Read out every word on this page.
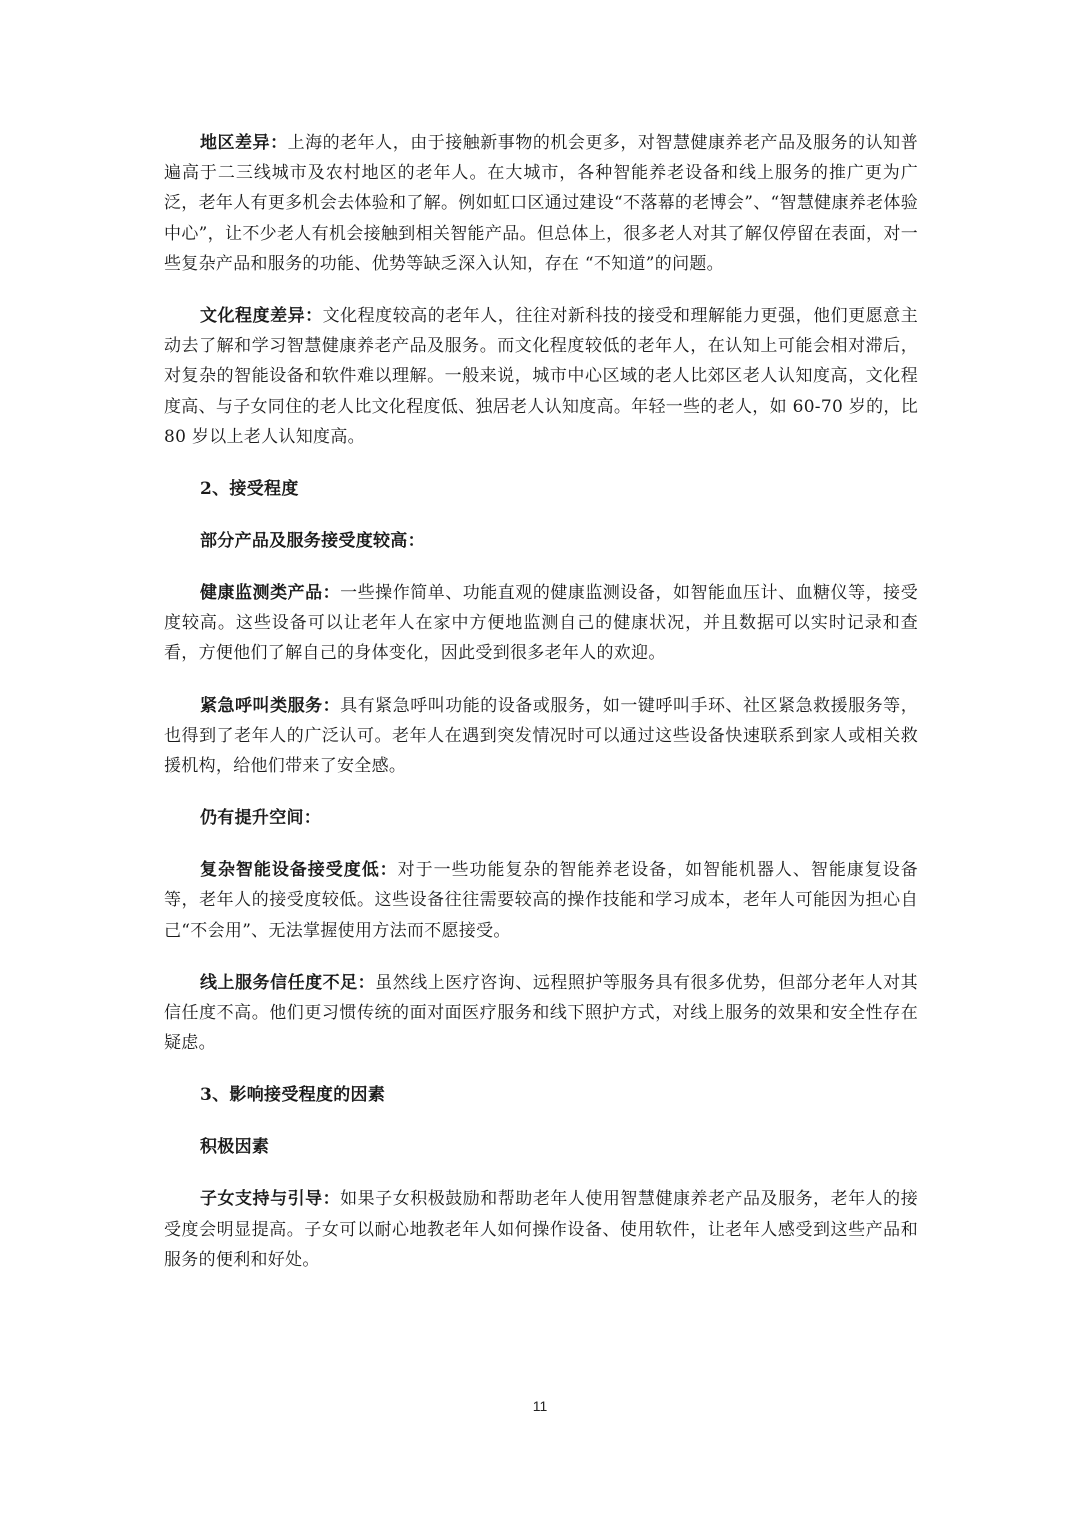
地区差异：上海的老年人，由于接触新事物的机会更多，对智慧健康养老产品及服务的认知普遍高于二三线城市及农村地区的老年人。在大城市，各种智能养老设备和线上服务的推广更为广泛，老年人有更多机会去体验和了解。例如虹口区通过建设“不落幕的老博会”、“智慧健康养老体验中心”，让不少老人有机会接触到相关智能产品。但总体上，很多老人对其了解仅停留在表面，对一些复杂产品和服务的功能、优势等缺乏深入认知，存在 “不知道”的问题。

文化程度差异：文化程度较高的老年人，往往对新科技的接受和理解能力更强，他们更愿意主动去了解和学习智慧健康养老产品及服务。而文化程度较低的老年人，在认知上可能会相对滞后，对复杂的智能设备和软件难以理解。一般来说，城市中心区域的老人比郊区老人认知度高，文化程度高、与子女同住的老人比文化程度低、独居老人认知度高。年轻一些的老人，如 60-70 岁的，比 80 岁以上老人认知度高。

2、接受程度
部分产品及服务接受度较高：

健康监测类产品：一些操作简单、功能直观的健康监测设备，如智能血压计、血糖仪等，接受度较高。这些设备可以让老年人在家中方便地监测自己的健康状况，并且数据可以实时记录和查看，方便他们了解自己的身体变化，因此受到很多老年人的欢迎。

紧急呼叫类服务：具有紧急呼叫功能的设备或服务，如一键呼叫手环、社区紧急救援服务等，也得到了老年人的广泛认可。老年人在遇到突发情况时可以通过这些设备快速联系到家人或相关救援机构，给他们带来了安全感。

仍有提升空间：

复杂智能设备接受度低：对于一些功能复杂的智能养老设备，如智能机器人、智能康复设备等，老年人的接受度较低。这些设备往往需要较高的操作技能和学习成本，老年人可能因为担心自己“不会用”、无法掌握使用方法而不愿接受。

线上服务信任度不足：虽然线上医疗咨询、远程照护等服务具有很多优势，但部分老年人对其信任度不高。他们更习惯传统的面对面医疗服务和线下照护方式，对线上服务的效果和安全性存在疑虑。

3、影响接受程度的因素
积极因素

子女支持与引导：如果子女积极鼓励和帮助老年人使用智慧健康养老产品及服务，老年人的接受度会明显提高。子女可以耐心地教老年人如何操作设备、使用软件，让老年人感受到这些产品和服务的便利和好处。

11
